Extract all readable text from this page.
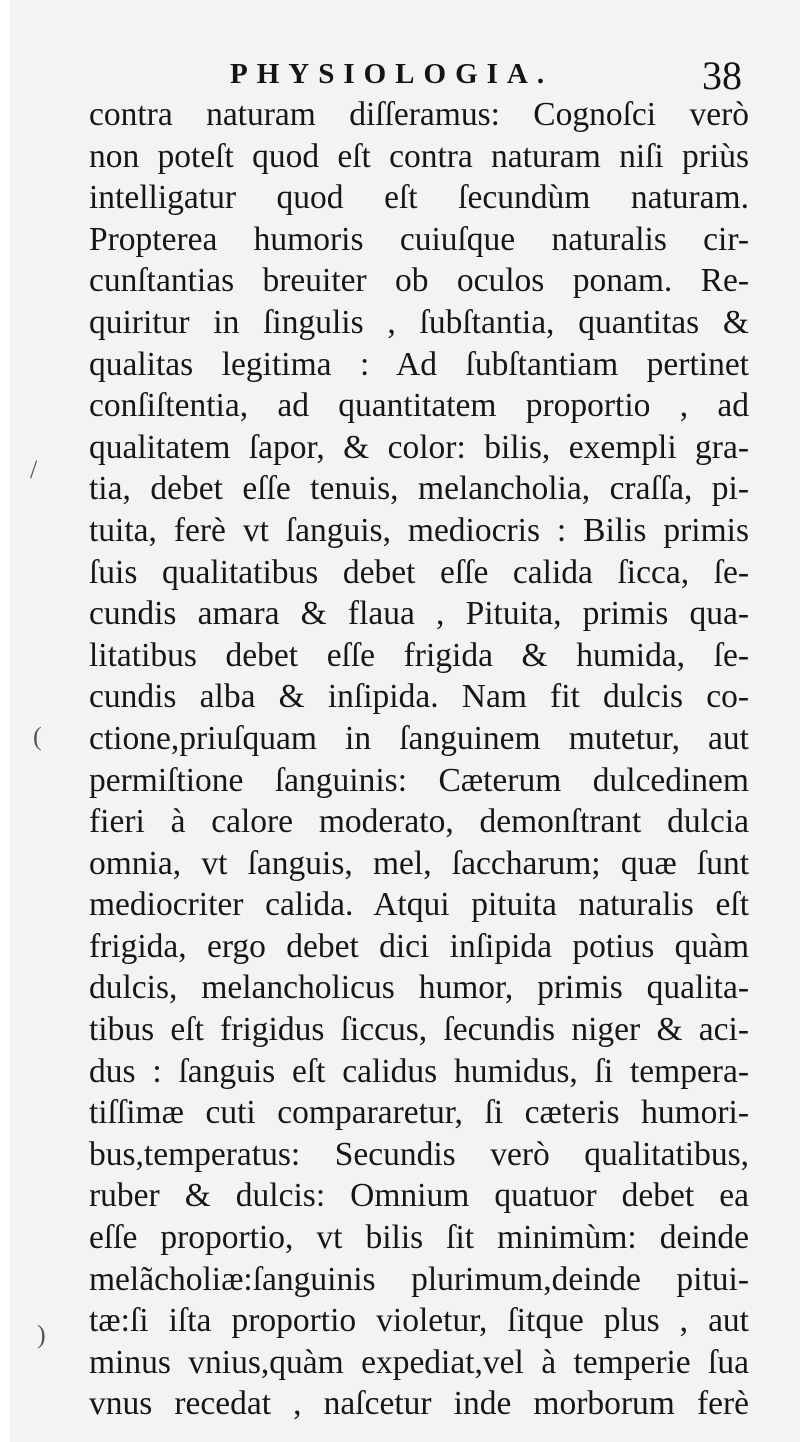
PHYSIOLOGIA.	38
/
(
)
contra naturam diſſeramus: Cognoſci verò
non poteſt quod eſt contra naturam niſi priùs
intelligatur quod eſt ſecundùm naturam.
Propterea humoris cuiuſque naturalis cir-
cunſtantias breuiter ob oculos ponam. Re-
quiritur in ſingulis , ſubſtantia, quantitas &
qualitas legitima : Ad ſubſtantiam pertinet
conſiſtentia, ad quantitatem proportio , ad
qualitatem ſapor, & color: bilis, exempli gra-
tia, debet eſſe tenuis, melancholia, craſſa, pi-
tuita, ferè vt ſanguis, mediocris : Bilis primis
ſuis qualitatibus debet eſſe calida ſicca, ſe-
cundis amara & flaua , Pituita, primis qua-
litatibus debet eſſe frigida & humida, ſe-
cundis alba & inſipida. Nam fit dulcis co-
ctione,priuſquam in ſanguinem mutetur, aut
permiſtione ſanguinis: Cæterum dulcedinem
fieri à calore moderato, demonſtrant dulcia
omnia, vt ſanguis, mel, ſaccharum; quæ ſunt
mediocriter calida. Atqui pituita naturalis eſt
frigida, ergo debet dici inſipida potius quàm
dulcis, melancholicus humor, primis qualita-
tibus eſt frigidus ſiccus, ſecundis niger & aci-
dus : ſanguis eſt calidus humidus, ſi tempera-
tiſſimæ cuti compararetur, ſi cæteris humori-
bus,temperatus: Secundis verò qualitatibus,
ruber & dulcis: Omnium quatuor debet ea
eſſe proportio, vt bilis ſit minimùm: deinde
melãcholiæ:ſanguinis plurimum,deinde pitui-
tæ:ſi iſta proportio violetur, ſitque plus , aut
minus vnius,quàm expediat,vel à temperie ſua
vnus recedat , naſcetur inde morborum ferè
